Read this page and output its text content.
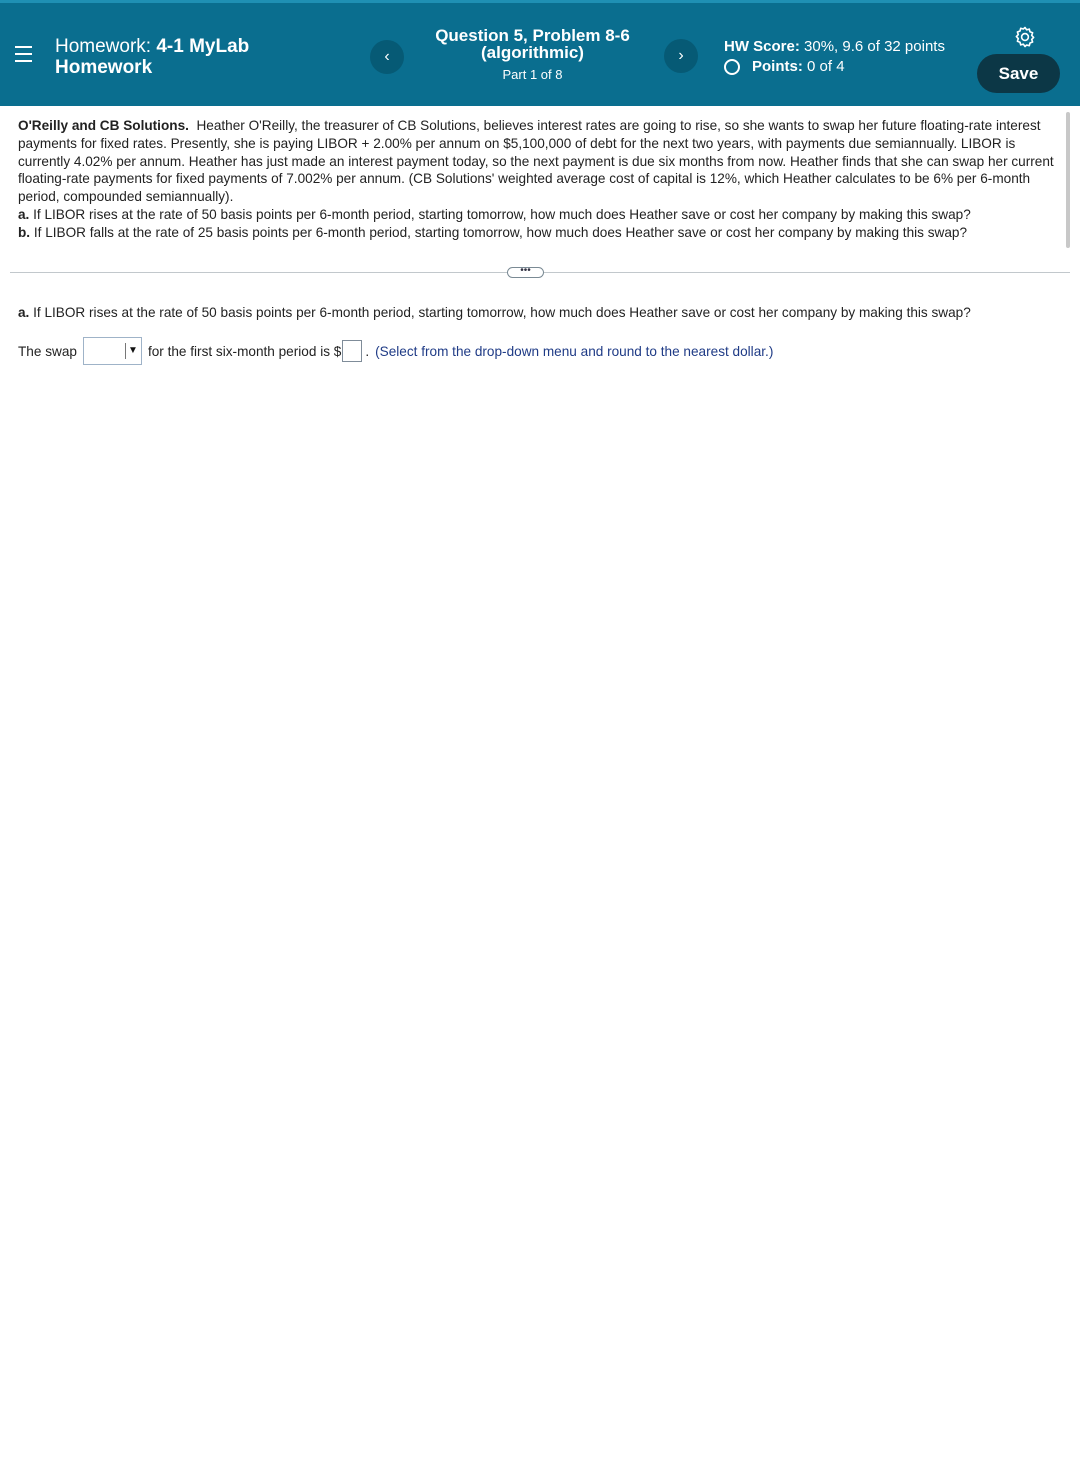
Homework: 4-1 MyLab
Homework
‹
Question 5, Problem 8-6
(algorithmic)
Part 1 of 8
›
HW Score: 30%, 9.6 of 32 points
Points:
0 of 4	Save
O'Reilly and CB Solutions. Heather O'Reilly, the treasurer of CB Solutions, believes interest rates are going to rise, so she wants to swap her future floating-rate interest payments for fixed rates. Presently, she is paying LIBOR + 2.00% per annum on $5,100,000 of debt for the next two years, with payments due semiannually. LIBOR is currently 4.02% per annum. Heather has just made an interest payment today, so the next payment is due six months from now. Heather finds that she can swap her current floating-rate payments for fixed payments of 7.002% per annum. (CB Solutions' weighted average cost of capital is 12%, which Heather calculates to be 6% per 6-month period, compounded semiannually).
a. If LIBOR rises at the rate of 50 basis points per 6-month period, starting tomorrow, how much does Heather save or cost her company by making this swap?
b. If LIBOR falls at the rate of 25 basis points per 6-month period, starting tomorrow, how much does Heather save or cost her company by making this swap?
•••
a. If LIBOR rises at the rate of 50 basis points per 6-month period, starting tomorrow, how much does Heather save or cost her company by making this swap?
The swap	▼ for the first six-month period is $ . (Select from the drop-down menu and round to the nearest dollar.)
